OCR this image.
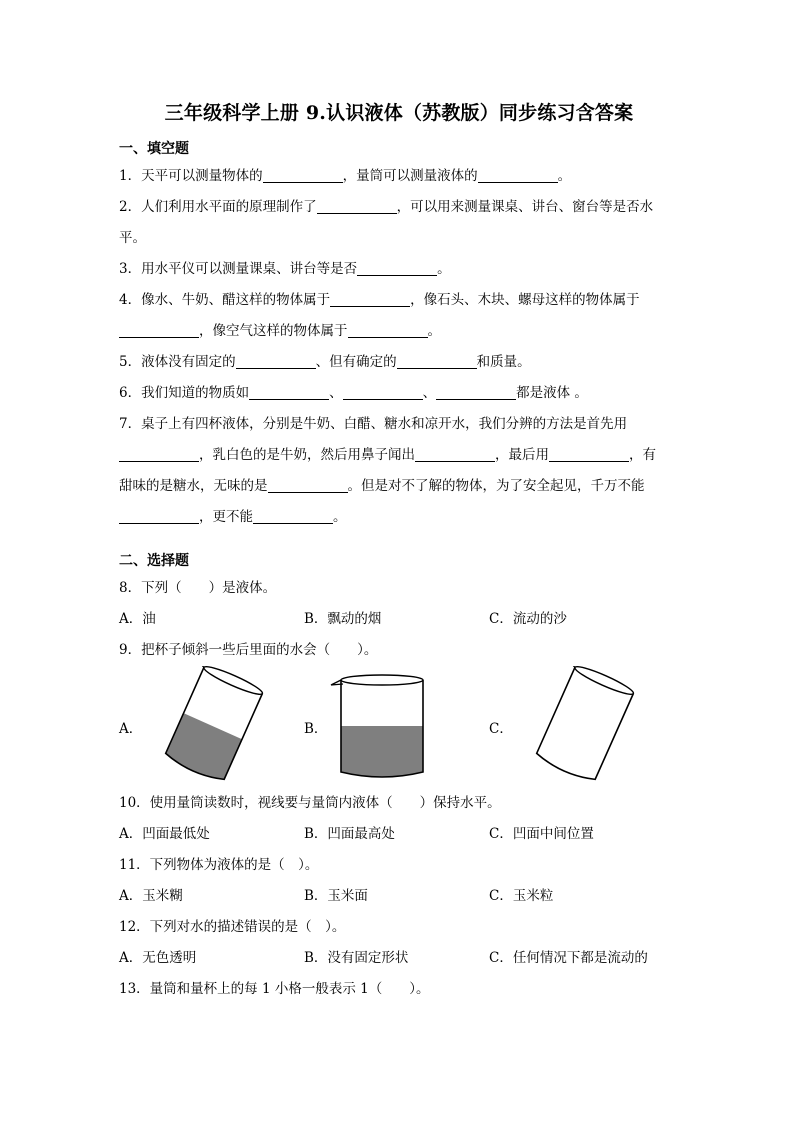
三年级科学上册 9.认识液体（苏教版）同步练习含答案
一、填空题
1．天平可以测量物体的	，量筒可以测量液体的	。
2．人们利用水平面的原理制作了	，可以用来测量课桌、讲台、窗台等是否水
平。
3．用水平仪可以测量课桌、讲台等是否	。
4．像水、牛奶、醋这样的物体属于	，像石头、木块、螺母这样的物体属于
，像空气这样的物体属于	。
5．液体没有固定的	、但有确定的	和质量。
6．我们知道的物质如	、	、	都是液体 。
7．桌子上有四杯液体，分别是牛奶、白醋、糖水和凉开水，我们分辨的方法是首先用
，乳白色的是牛奶，然后用鼻子闻出	，最后用	，有
甜味的是糖水，无味的是	。但是对不了解的物体，为了安全起见，千万不能
，更不能	。
二、选择题
8．下列（　　）是液体。
A．油	B．飘动的烟	C．流动的沙
9．把杯子倾斜一些后里面的水会（　　）。
A．	B．	C．
10．使用量筒读数时，视线要与量筒内液体（　　）保持水平。
A．凹面最低处	B．凹面最高处	C．凹面中间位置
11．下列物体为液体的是（　）。
A．玉米糊	B．玉米面	C．玉米粒
12．下列对水的描述错误的是（　）。
A．无色透明	B．没有固定形状	C．任何情况下都是流动的
13．量筒和量杯上的每 1 小格一般表示 1（　　）。
